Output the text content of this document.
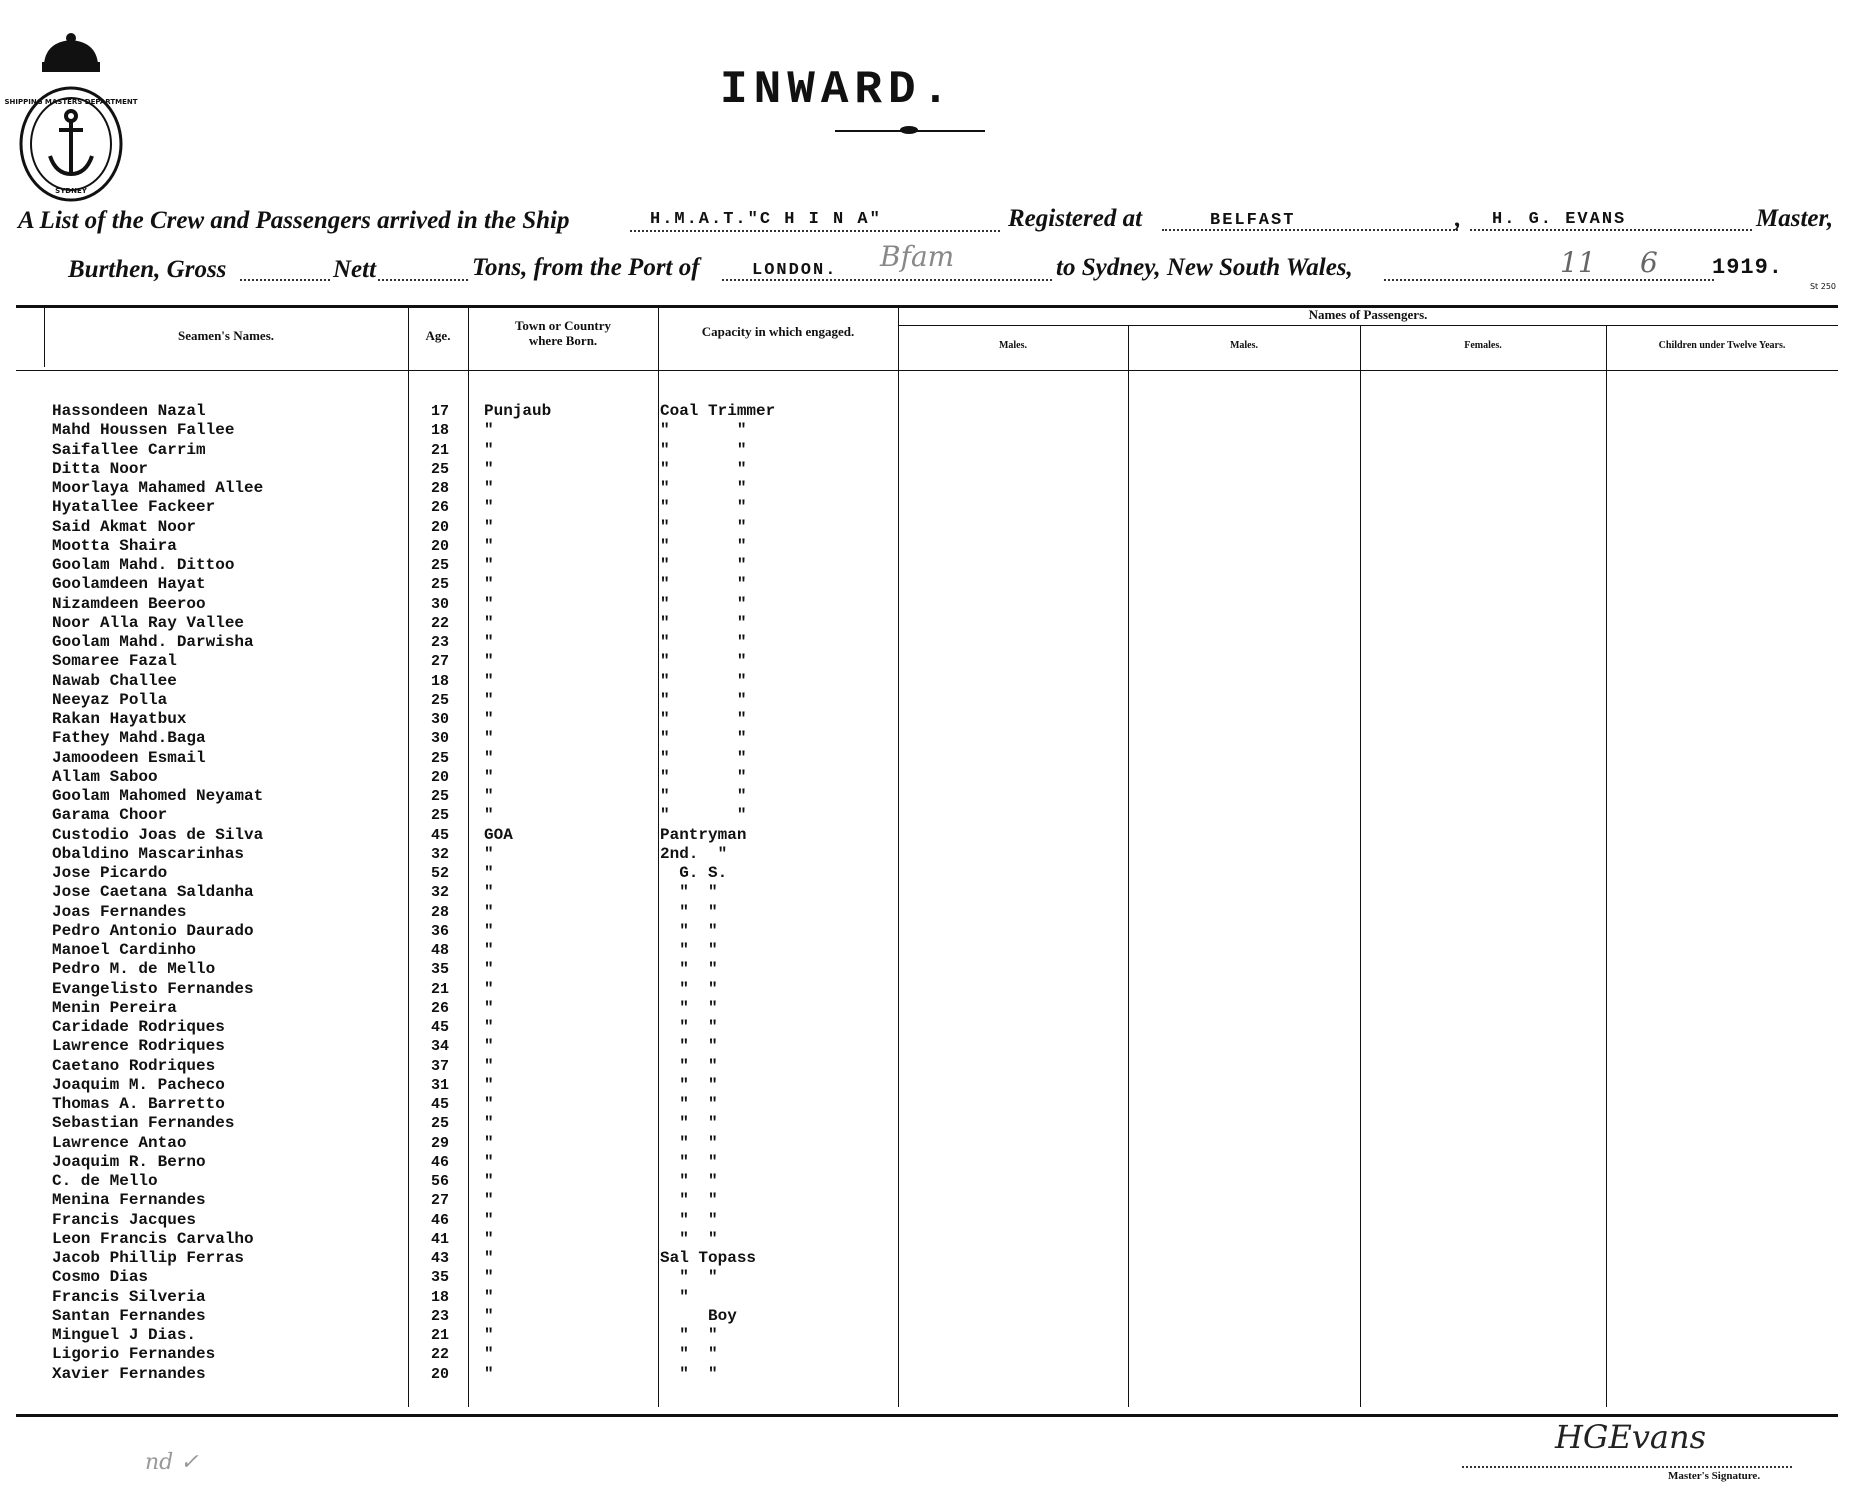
SHIPPING MASTERS DEPARTMENT
SYDNEY
INWARD.
A List of the Crew and Passengers arrived in the Ship	H.M.A.T."C H I N A"	Registered at	BELFAST	, H. G. EVANS	Master,
Burthen, Gross	Nett	Tons, from the Port of	LONDON. Bfam	to Sydney, New South Wales,	11 6 1919.
St 250
Seamen's Names.	Age.
Town or Country
where Born.
Capacity in which engaged.
Names of Passengers.
Males.	Males.	Females.	Children under Twelve Years.
Hassondeen Nazal	17	Punjaub	Coal Trimmer
Mahd Houssen Fallee	18	"	"       "
Saifallee Carrim	21	"	"       "
Ditta Noor	25	"	"       "
Moorlaya Mahamed Allee	28	"	"       "
Hyatallee Fackeer	26	"	"       "
Said Akmat Noor	20	"	"       "
Mootta Shaira	20	"	"       "
Goolam Mahd. Dittoo	25	"	"       "
Goolamdeen Hayat	25	"	"       "
Nizamdeen Beeroo	30	"	"       "
Noor Alla Ray Vallee	22	"	"       "
Goolam Mahd. Darwisha	23	"	"       "
Somaree Fazal	27	"	"       "
Nawab Challee	18	"	"       "
Neeyaz Polla	25	"	"       "
Rakan Hayatbux	30	"	"       "
Fathey Mahd.Baga	30	"	"       "
Jamoodeen Esmail	25	"	"       "
Allam Saboo	20	"	"       "
Goolam Mahomed Neyamat	25	"	"       "
Garama Choor	25	"	"       "
Custodio Joas de Silva	45	GOA	Pantryman
Obaldino Mascarinhas	32	"	2nd.  "
Jose Picardo	52	"	G. S.
Jose Caetana Saldanha	32	"	"  "
Joas Fernandes	28	"	"  "
Pedro Antonio Daurado	36	"	"  "
Manoel Cardinho	48	"	"  "
Pedro M. de Mello	35	"	"  "
Evangelisto Fernandes	21	"	"  "
Menin Pereira	26	"	"  "
Caridade Rodriques	45	"	"  "
Lawrence Rodriques	34	"	"  "
Caetano Rodriques	37	"	"  "
Joaquim M. Pacheco	31	"	"  "
Thomas A. Barretto	45	"	"  "
Sebastian Fernandes	25	"	"  "
Lawrence Antao	29	"	"  "
Joaquim R. Berno	46	"	"  "
C. de Mello	56	"	"  "
Menina Fernandes	27	"	"  "
Francis Jacques	46	"	"  "
Leon Francis Carvalho	41	"	"  "
Jacob Phillip Ferras	43	"	Sal Topass
Cosmo Dias	35	"	"  "
Francis Silveria	18	"	"
Santan Fernandes	23	"	Boy
Minguel J Dias.	21	"	"  "
Ligorio Fernandes	22	"	"  "
Xavier Fernandes	20	"	"  "
HGEvans
Master's Signature.
nd ✓
